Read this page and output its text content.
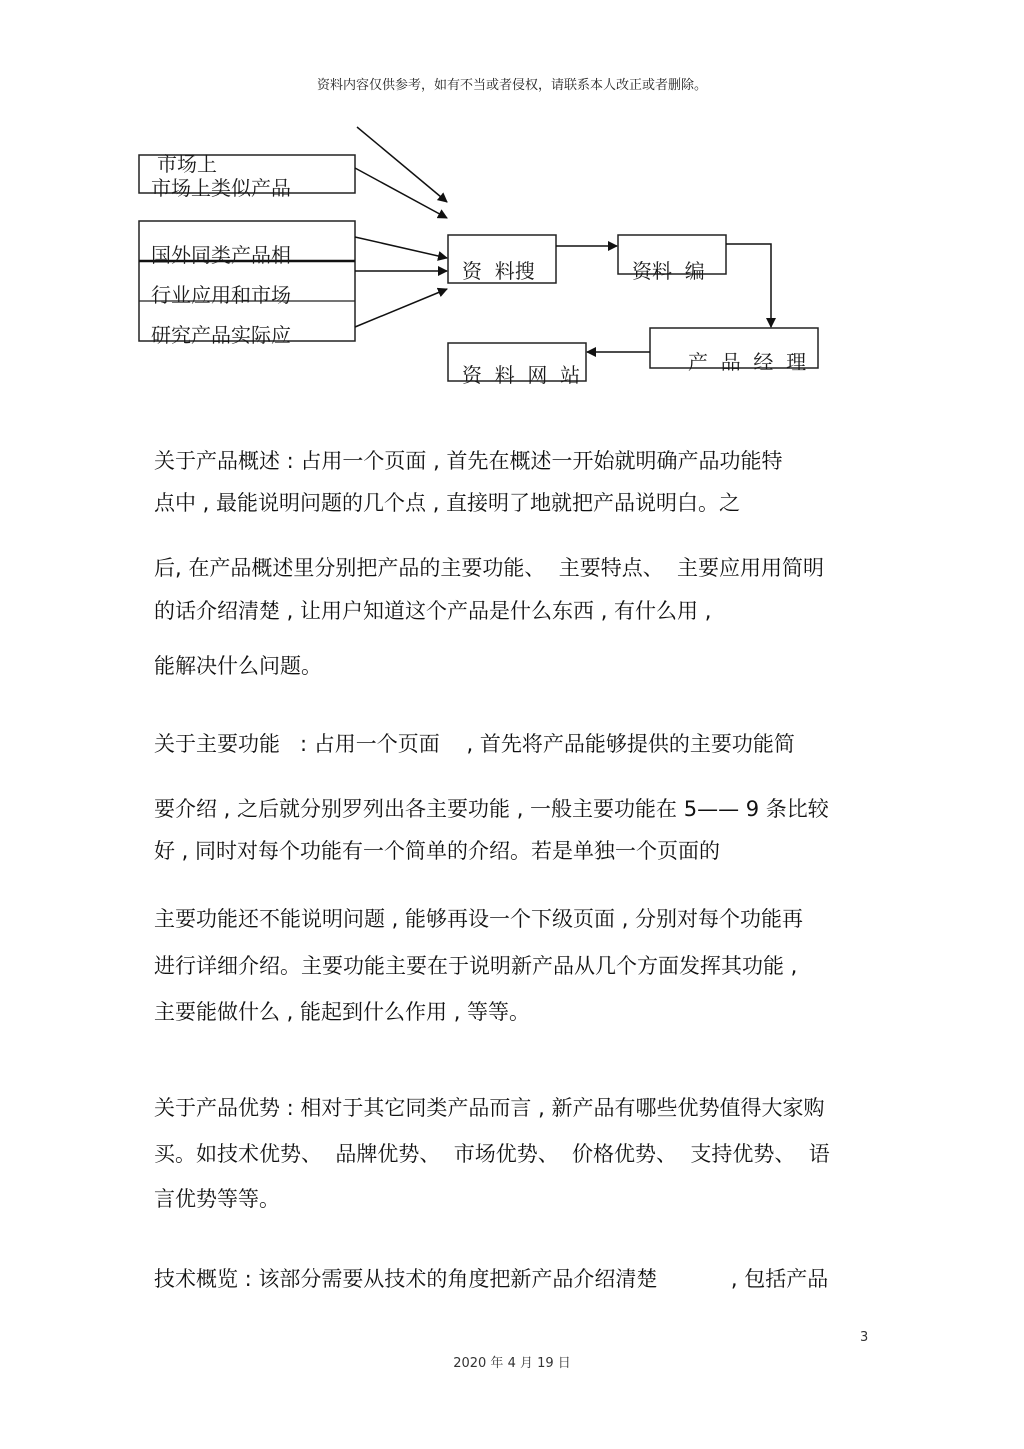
资料内容仅供参考，如有不当或者侵权，请联系本人改正或者删除。
市场上
市场上类似产品
国外同类产品相
行业应用和市场
研究产品实际应
资  料搜	资料  编
产  品  经  理
资  料  网  站
关于产品概述 : 占用一个页面 , 首先在概述一开始就明确产品功能特
点中 , 最能说明问题的几个点 , 直接明了地就把产品说明白。之
后, 在产品概述里分别把产品的主要功能、  主要特点、  主要应用用简明
的话介绍清楚 , 让用户知道这个产品是什么东西 , 有什么用 ,
能解决什么问题。
关于主要功能   : 占用一个页面    , 首先将产品能够提供的主要功能简
要介绍 , 之后就分别罗列出各主要功能 , 一般主要功能在 5—— 9 条比较
好 , 同时对每个功能有一个简单的介绍。若是单独一个页面的
主要功能还不能说明问题 , 能够再设一个下级页面 , 分别对每个功能再
进行详细介绍。主要功能主要在于说明新产品从几个方面发挥其功能 ,
主要能做什么 , 能起到什么作用 , 等等。
关于产品优势 : 相对于其它同类产品而言 , 新产品有哪些优势值得大家购
买。如技术优势、  品牌优势、  市场优势、  价格优势、  支持优势、  语
言优势等等。
技术概览 : 该部分需要从技术的角度把新产品介绍清楚           , 包括产品
3
2020 年 4 月 19 日
